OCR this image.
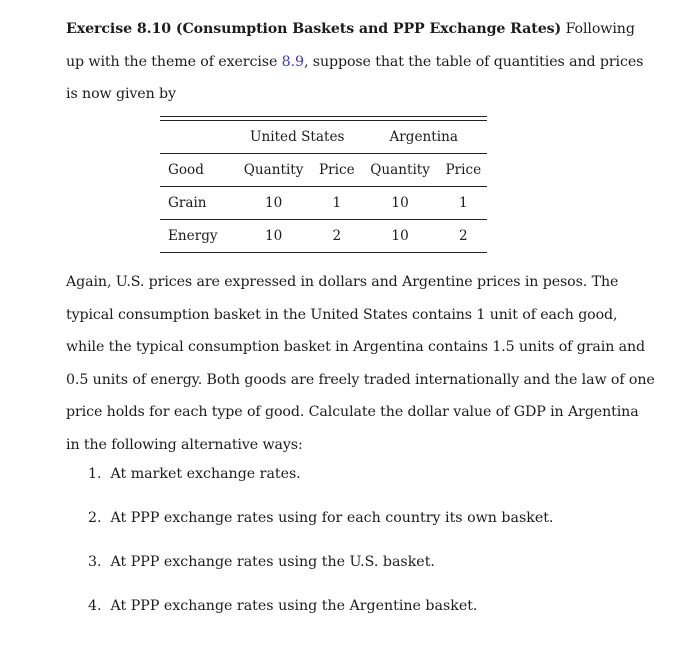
Exercise 8.10 (Consumption Baskets and PPP Exchange Rates) Following up with the theme of exercise 8.9, suppose that the table of quantities and prices is now given by
	United States		Argentina	
Good	Quantity	Price	Quantity	Price
Grain	10	1	10	1
Energy	10	2	10	2
Again, U.S. prices are expressed in dollars and Argentine prices in pesos. The typical consumption basket in the United States contains 1 unit of each good, while the typical consumption basket in Argentina contains 1.5 units of grain and 0.5 units of energy. Both goods are freely traded internationally and the law of one price holds for each type of good. Calculate the dollar value of GDP in Argentina in the following alternative ways:
1. At market exchange rates.
2. At PPP exchange rates using for each country its own basket.
3. At PPP exchange rates using the U.S. basket.
4. At PPP exchange rates using the Argentine basket.
